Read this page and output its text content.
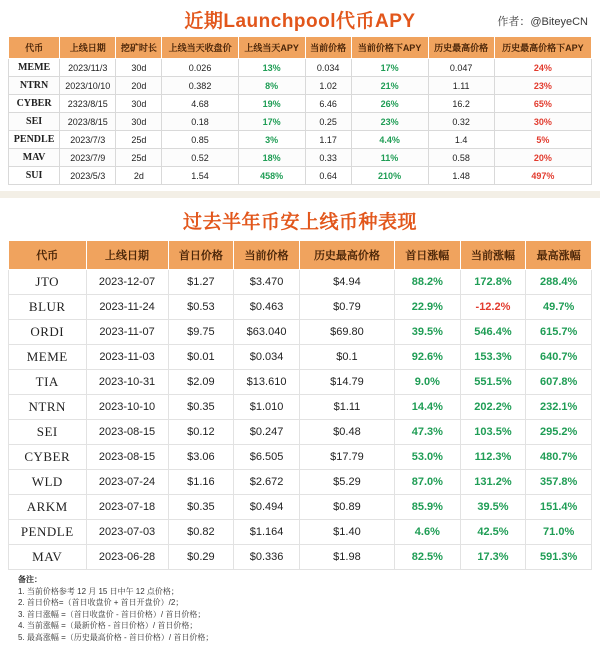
近期Launchpool代币APY	作者：@BiteyeCN
代币	上线日期	挖矿时长	上线当天收盘价	上线当天APY	当前价格	当前价格下APY	历史最高价格	历史最高价格下APY
MEME	2023/11/3	30d	0.026	13%	0.034	17%	0.047	24%
NTRN	2023/10/10	20d	0.382	8%	1.02	21%	1.11	23%
CYBER	2323/8/15	30d	4.68	19%	6.46	26%	16.2	65%
SEI	2023/8/15	30d	0.18	17%	0.25	23%	0.32	30%
PENDLE	2023/7/3	25d	0.85	3%	1.17	4.4%	1.4	5%
MAV	2023/7/9	25d	0.52	18%	0.33	11%	0.58	20%
SUI	2023/5/3	2d	1.54	458%	0.64	210%	1.48	497%
过去半年币安上线币种表现
代币	上线日期	首日价格	当前价格	历史最高价格	首日涨幅	当前涨幅	最高涨幅
JTO	2023-12-07	$1.27	$3.470	$4.94	88.2%	172.8%	288.4%
BLUR	2023-11-24	$0.53	$0.463	$0.79	22.9%	-12.2%	49.7%
ORDI	2023-11-07	$9.75	$63.040	$69.80	39.5%	546.4%	615.7%
MEME	2023-11-03	$0.01	$0.034	$0.1	92.6%	153.3%	640.7%
TIA	2023-10-31	$2.09	$13.610	$14.79	9.0%	551.5%	607.8%
NTRN	2023-10-10	$0.35	$1.010	$1.11	14.4%	202.2%	232.1%
SEI	2023-08-15	$0.12	$0.247	$0.48	47.3%	103.5%	295.2%
CYBER	2023-08-15	$3.06	$6.505	$17.79	53.0%	112.3%	480.7%
WLD	2023-07-24	$1.16	$2.672	$5.29	87.0%	131.2%	357.8%
ARKM	2023-07-18	$0.35	$0.494	$0.89	85.9%	39.5%	151.4%
PENDLE	2023-07-03	$0.82	$1.164	$1.40	4.6%	42.5%	71.0%
MAV	2023-06-28	$0.29	$0.336	$1.98	82.5%	17.3%	591.3%
备注：
1. 当前价格参考 12 月 15 日中午 12 点价格；
2. 首日价格=（首日收盘价 + 首日开盘价）/2；
3. 首日涨幅 =（首日收盘价 - 首日价格）/ 首日价格；
4. 当前涨幅 =（最新价格 - 首日价格）/ 首日价格；
5. 最高涨幅 =（历史最高价格 - 首日价格）/ 首日价格；
